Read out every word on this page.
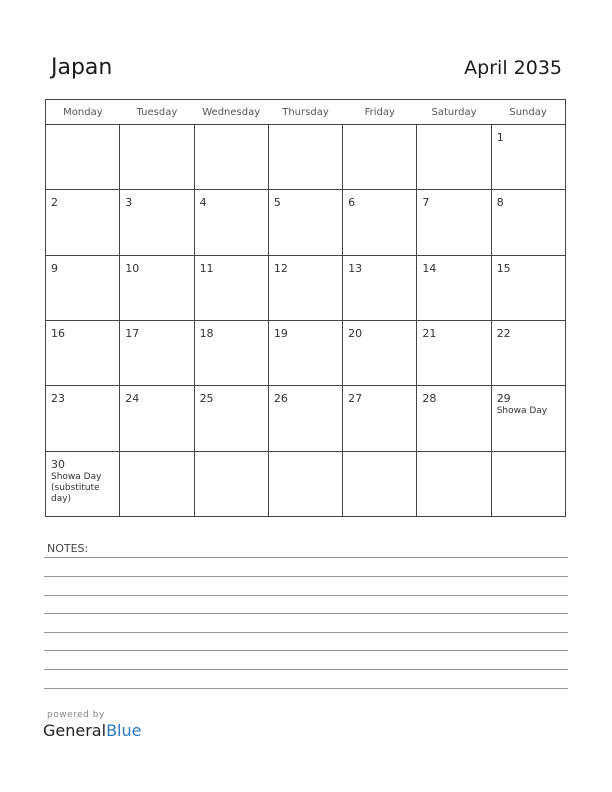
Japan	April 2035
Monday	Tuesday	Wednesday	Thursday	Friday	Saturday	Sunday

						1

2	3	4	5	6	7	8

9	10	11	12	13	14	15

16	17	18	19	20	21	22

23	24	25	26	27	28	29
Showa Day

30
Showa Day (substitute day)						

NOTES:
powered by
GeneralBlue
